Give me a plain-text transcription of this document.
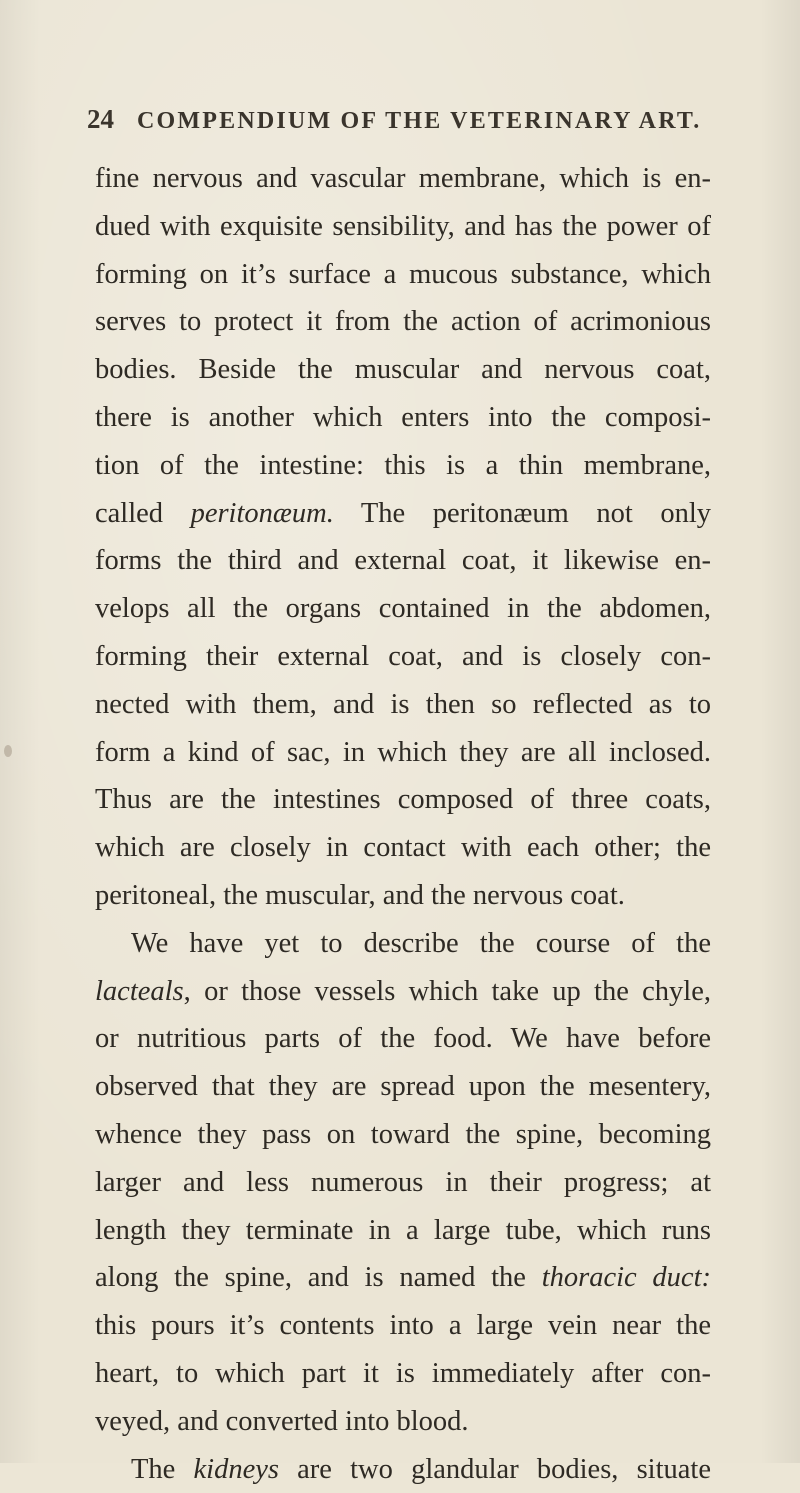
24 COMPENDIUM OF THE VETERINARY ART.
fine nervous and vascular membrane, which is en-
dued with exquisite sensibility, and has the power of
forming on it’s surface a mucous substance, which
serves to protect it from the action of acrimonious
bodies. Beside the muscular and nervous coat,
there is another which enters into the composi-
tion of the intestine: this is a thin membrane,
called peritonæum. The peritonæum not only
forms the third and external coat, it likewise en-
velops all the organs contained in the abdomen,
forming their external coat, and is closely con-
nected with them, and is then so reflected as to
form a kind of sac, in which they are all inclosed.
Thus are the intestines composed of three coats,
which are closely in contact with each other; the
peritoneal, the muscular, and the nervous coat.
We have yet to describe the course of the
lacteals, or those vessels which take up the chyle,
or nutritious parts of the food. We have before
observed that they are spread upon the mesentery,
whence they pass on toward the spine, becoming
larger and less numerous in their progress; at
length they terminate in a large tube, which runs
along the spine, and is named the thoracic duct:
this pours it’s contents into a large vein near the
heart, to which part it is immediately after con-
veyed, and converted into blood.
The kidneys are two glandular bodies, situate
